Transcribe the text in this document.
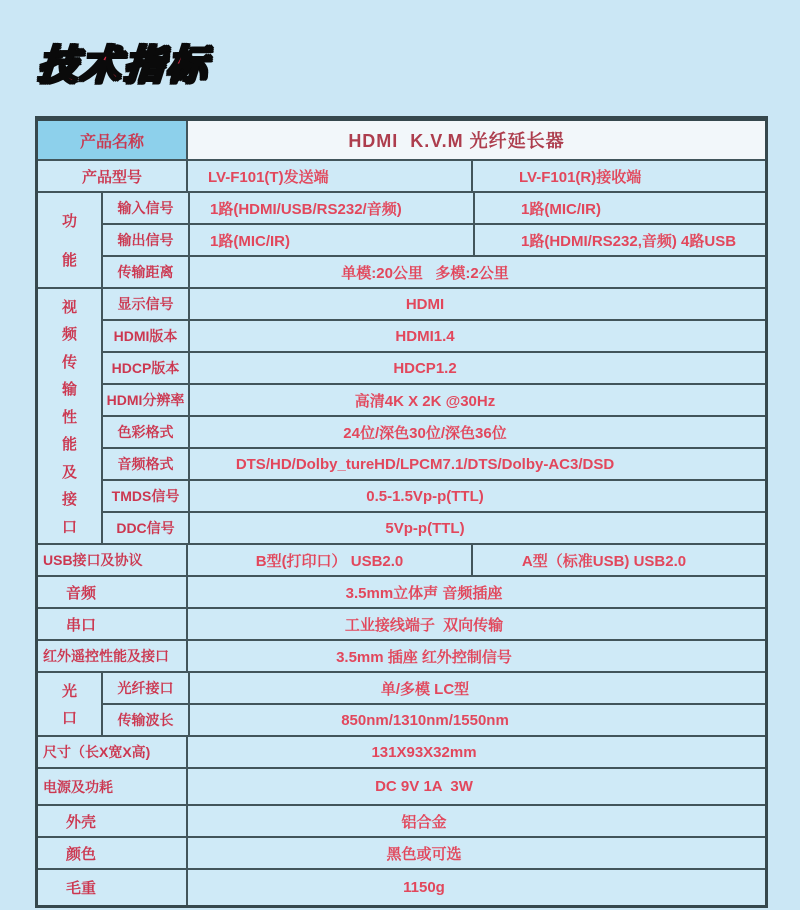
技术指标
产品名称	HDMI  K.V.M 光纤延长器
产品型号	LV-F101(T)发送端	LV-F101(R)接收端
功
能
输入信号	1路(HDMI/USB/RS232/音频)	1路(MIC/IR)
输出信号	1路(MIC/IR)	1路(HDMI/RS232,音频) 4路USB
传输距离	单模:20公里   多模:2公里
视
频
传
输
性
能
及
接
口
显示信号	HDMI
HDMI版本	HDMI1.4
HDCP版本	HDCP1.2
HDMI分辨率	高清4K X 2K @30Hz
色彩格式	24位/深色30位/深色36位
音频格式	DTS/HD/Dolby_tureHD/LPCM7.1/DTS/Dolby-AC3/DSD
TMDS信号	0.5-1.5Vp-p(TTL)
DDC信号	5Vp-p(TTL)
USB接口及协议	B型(打印口） USB2.0	A型（标准USB) USB2.0
音频	3.5mm立体声 音频插座
串口	工业接线端子  双向传输
红外遥控性能及接口	3.5mm 插座 红外控制信号
光
口
光纤接口	单/多模 LC型
传输波长	850nm/1310nm/1550nm
尺寸（长X宽X高)	131X93X32mm
电源及功耗	DC 9V 1A  3W
外壳	铝合金
颜色	黑色或可选
毛重	1150g
